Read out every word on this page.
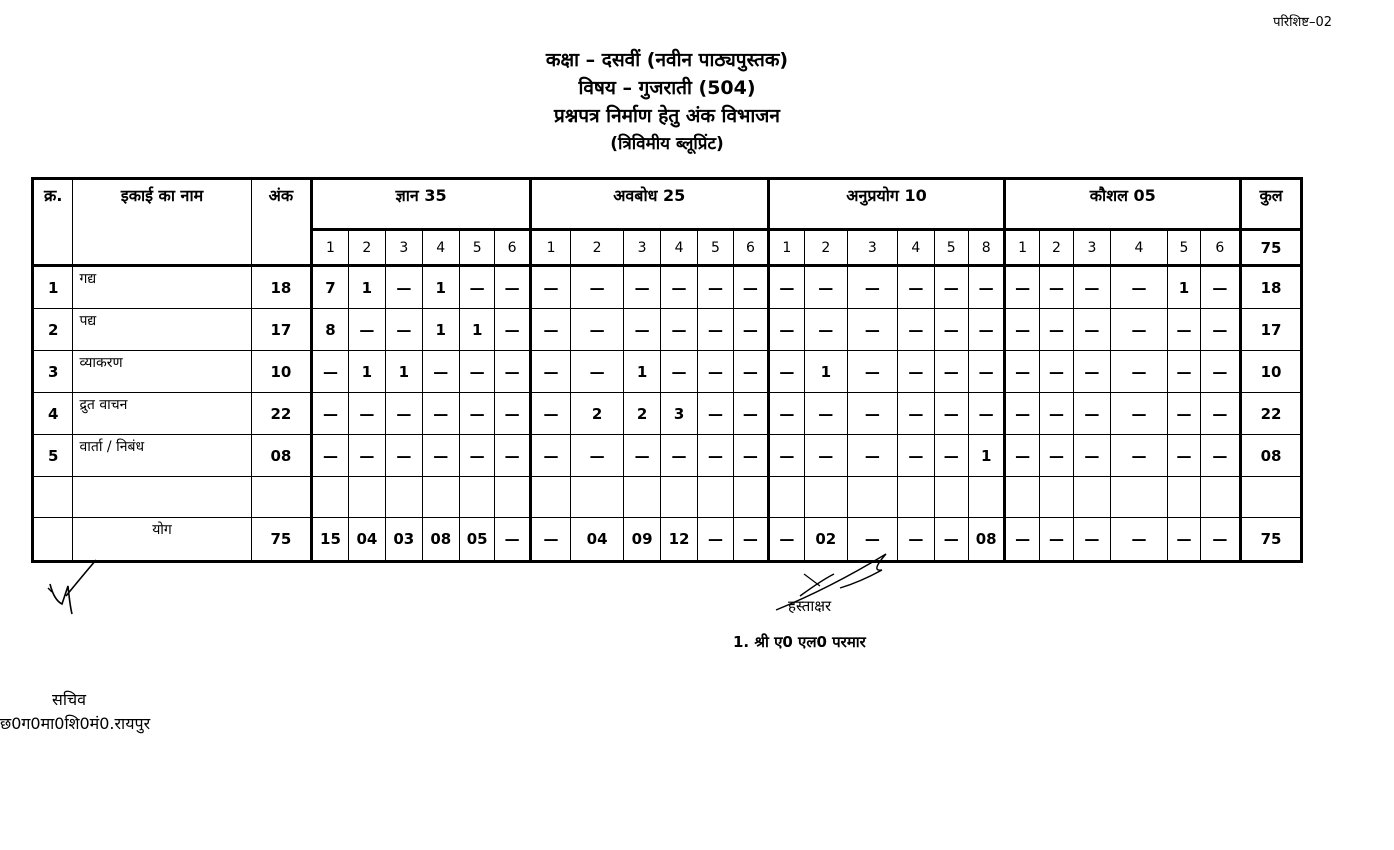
परिशिष्ट–02
कक्षा – दसवीं (नवीन पाठ्यपुस्तक)
विषय – गुजराती (504)
प्रश्नपत्र निर्माण हेतु अंक विभाजन
(त्रिविमीय ब्लूप्रिंट)
क्र.	इकाई का नाम	अंक	ज्ञान 35						अवबोध 25						अनुप्रयोग 10						कौशल 05						कुल
			1	2	3	4	5	6	1	2	3	4	5	6	1	2	3	4	5	8	1	2	3	4	5	6	75
1	गद्य	18	7	1	—	1	—	—	—	—	—	—	—	—	—	—	—	—	—	—	—	—	—	—	1	—	18
2	पद्य	17	8	—	—	1	1	—	—	—	—	—	—	—	—	—	—	—	—	—	—	—	—	—	—	—	17
3	व्याकरण	10	—	1	1	—	—	—	—	—	1	—	—	—	—	1	—	—	—	—	—	—	—	—	—	—	10
4	द्रुत वाचन	22	—	—	—	—	—	—	—	2	2	3	—	—	—	—	—	—	—	—	—	—	—	—	—	—	22
5	वार्ता / निबंध	08	—	—	—	—	—	—	—	—	—	—	—	—	—	—	—	—	—	1	—	—	—	—	—	—	08

	योग	75	15	04	03	08	05	—	—	04	09	12	—	—	—	02	—	—	—	08	—	—	—	—	—	—	75
हस्ताक्षर
1. श्री ए0 एल0 परमार
सचिव
छ0ग0मा0शि0मं0.रायपुर
